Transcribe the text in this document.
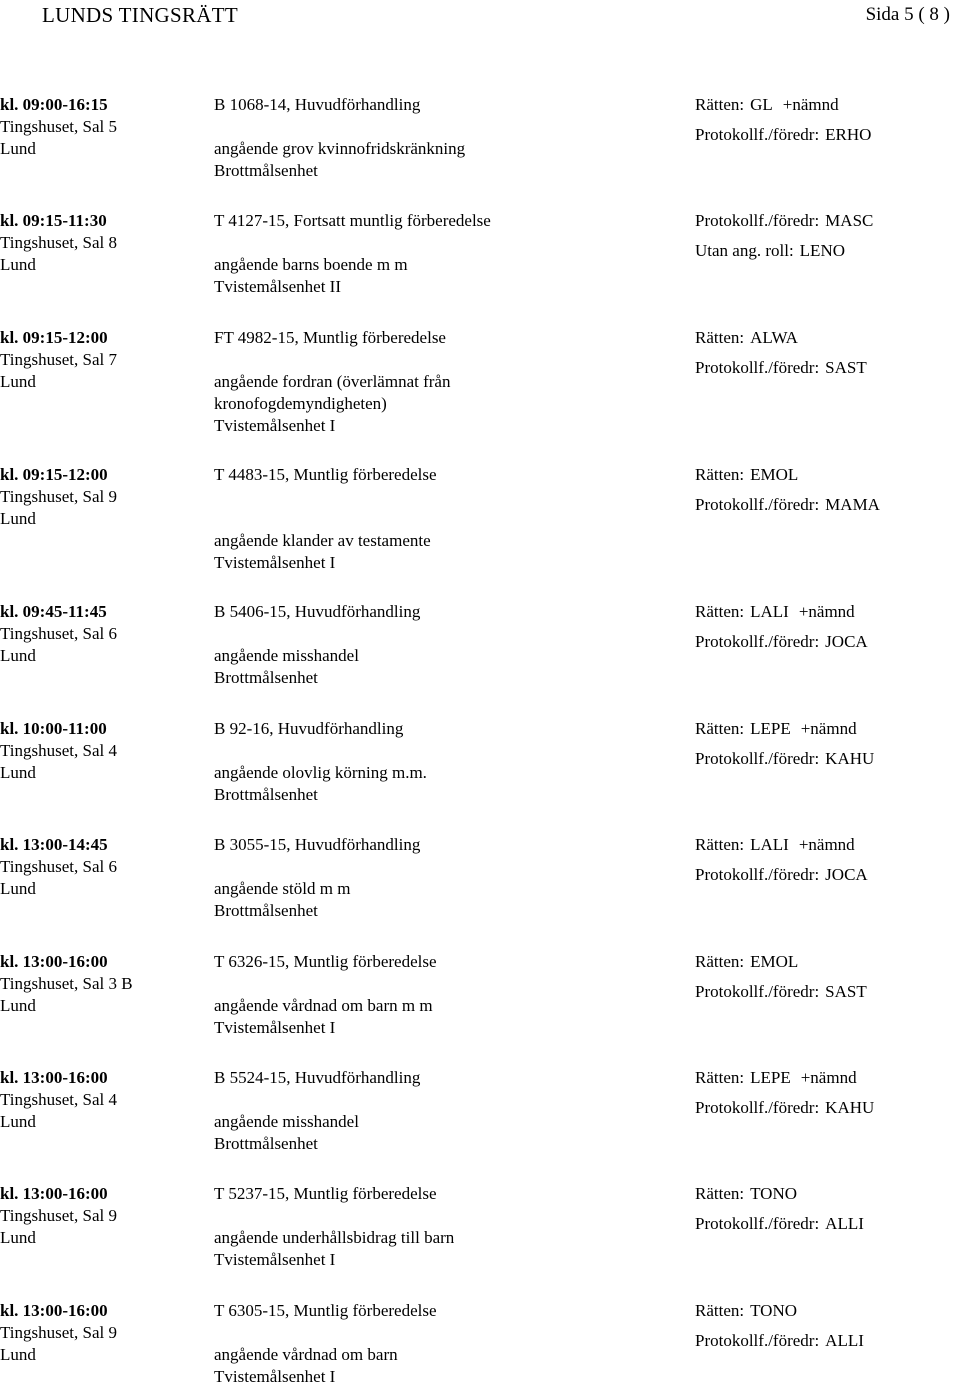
LUNDS TINGSRÄTT	Sida 5 ( 8 )
kl. 09:00-16:15
Tingshuset, Sal 5
Lund
B 1068-14, Huvudförhandling
angående grov kvinnofridskränkning
Brottmålsenhet
Rätten: GL +nämnd
Protokollf./föredr: ERHO
kl. 09:15-11:30
Tingshuset, Sal 8
Lund
T 4127-15, Fortsatt muntlig förberedelse
angående barns boende m m
Tvistemålsenhet II
Protokollf./föredr: MASC
Utan ang. roll: LENO
kl. 09:15-12:00
Tingshuset, Sal 7
Lund
FT 4982-15, Muntlig förberedelse
angående fordran (överlämnat från
kronofogdemyndigheten)
Tvistemålsenhet I
Rätten: ALWA
Protokollf./föredr: SAST
kl. 09:15-12:00
Tingshuset, Sal 9
Lund
T 4483-15, Muntlig förberedelse
angående klander av testamente
Tvistemålsenhet I
Rätten: EMOL
Protokollf./föredr: MAMA
kl. 09:45-11:45
Tingshuset, Sal 6
Lund
B 5406-15, Huvudförhandling
angående misshandel
Brottmålsenhet
Rätten: LALI +nämnd
Protokollf./föredr: JOCA
kl. 10:00-11:00
Tingshuset, Sal 4
Lund
B 92-16, Huvudförhandling
angående olovlig körning m.m.
Brottmålsenhet
Rätten: LEPE +nämnd
Protokollf./föredr: KAHU
kl. 13:00-14:45
Tingshuset, Sal 6
Lund
B 3055-15, Huvudförhandling
angående stöld m m
Brottmålsenhet
Rätten: LALI +nämnd
Protokollf./föredr: JOCA
kl. 13:00-16:00
Tingshuset, Sal 3 B
Lund
T 6326-15, Muntlig förberedelse
angående vårdnad om barn m m
Tvistemålsenhet I
Rätten: EMOL
Protokollf./föredr: SAST
kl. 13:00-16:00
Tingshuset, Sal 4
Lund
B 5524-15, Huvudförhandling
angående misshandel
Brottmålsenhet
Rätten: LEPE +nämnd
Protokollf./föredr: KAHU
kl. 13:00-16:00
Tingshuset, Sal 9
Lund
T 5237-15, Muntlig förberedelse
angående underhållsbidrag till barn
Tvistemålsenhet I
Rätten: TONO
Protokollf./föredr: ALLI
kl. 13:00-16:00
Tingshuset, Sal 9
Lund
T 6305-15, Muntlig förberedelse
angående vårdnad om barn
Tvistemålsenhet I
Rätten: TONO
Protokollf./föredr: ALLI
